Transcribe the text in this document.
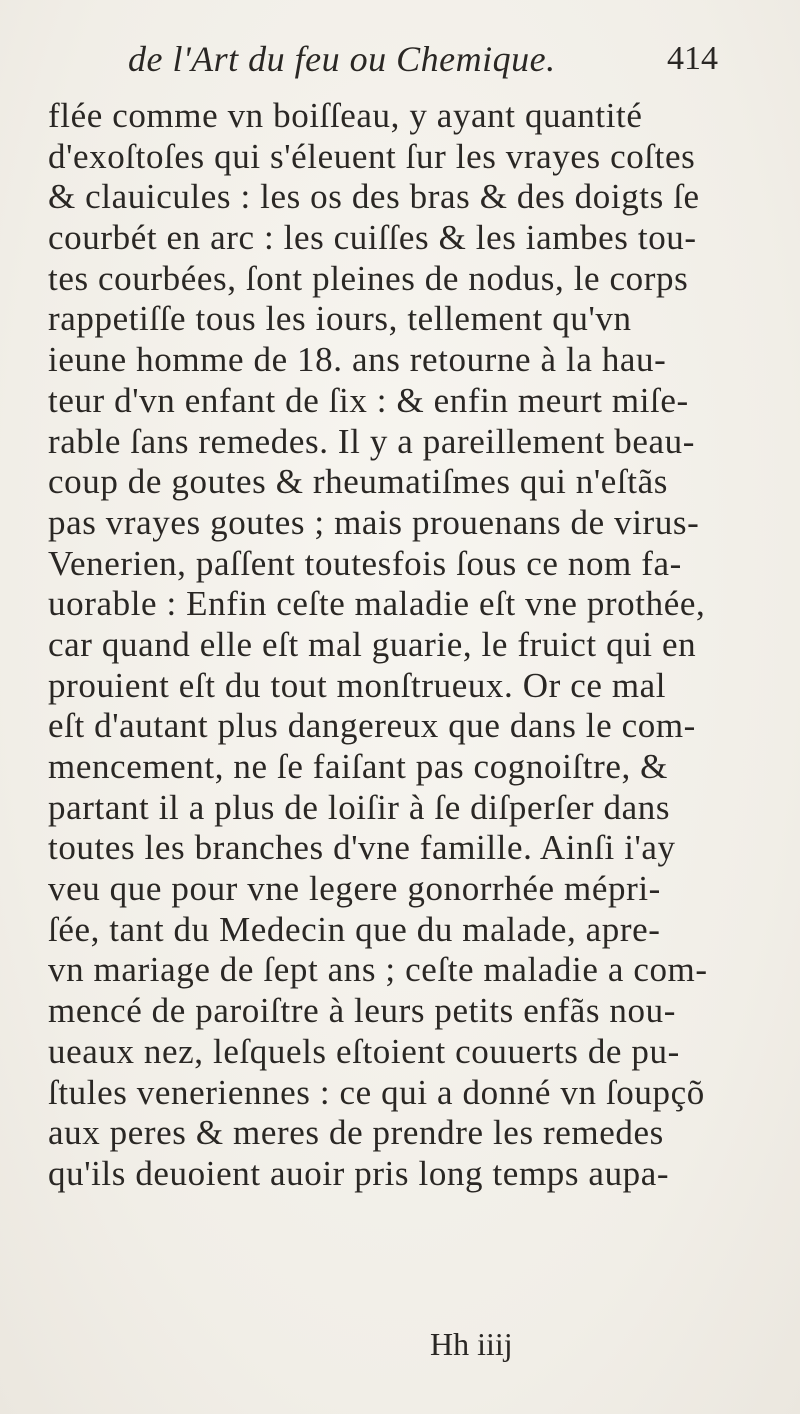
de l'Art du feu ou Chemique.	414
flée comme vn boiſſeau, y ayant quantité
d'exoſtoſes qui s'éleuent ſur les vrayes coſtes
& clauicules : les os des bras & des doigts ſe
courbét en arc : les cuiſſes & les iambes tou-
tes courbées, ſont pleines de nodus, le corps
rappetiſſe tous les iours, tellement qu'vn
ieune homme de 18. ans retourne à la hau-
teur d'vn enfant de ſix : & enfin meurt miſe-
rable ſans remedes. Il y a pareillement beau-
coup de goutes & rheumatiſmes qui n'eſtãs
pas vrayes goutes ; mais prouenans de virus-
Venerien, paſſent toutesfois ſous ce nom fa-
uorable : Enfin ceſte maladie eſt vne prothée,
car quand elle eſt mal guarie, le fruict qui en
prouient eſt du tout monſtrueux. Or ce mal
eſt d'autant plus dangereux que dans le com-
mencement, ne ſe faiſant pas cognoiſtre, &
partant il a plus de loiſir à ſe diſperſer dans
toutes les branches d'vne famille. Ainſi i'ay
veu que pour vne legere gonorrhée mépri-
ſée, tant du Medecin que du malade, apre-
vn mariage de ſept ans ; ceſte maladie a com-
mencé de paroiſtre à leurs petits enfãs nou-
ueaux nez, leſquels eſtoient couuerts de pu-
ſtules veneriennes : ce qui a donné vn ſoupçõ
aux peres & meres de prendre les remedes
qu'ils deuoient auoir pris long temps aupa-
Hh iiij
